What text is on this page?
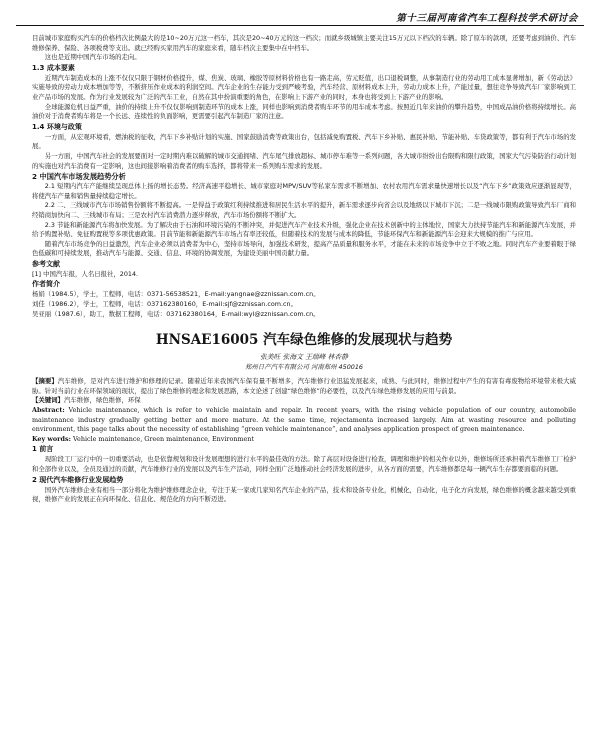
第十三届河南省汽车工程科技学术研讨会

目前城市家庭购买汽车的价格档次比例最大的是10~20万元这一档车，其次是20~40万元的这一档次；而就乡级城镇主要关注15万元以下档次的车辆。除了原车的款项，还要考虑到油价、汽车维修保养、保险、各项税费等支出。就已经购买家用汽车的家庭来看，随车档次主要集中在中档车。

这也是近期中国汽车市场的走向。

1.3 成本要素

近期汽车制造成本的上涨不仅仅只限于钢材价格提升，煤、焦炭、玻璃、橡胶等原材料价格也有一路走高，劳元贬值，出口退税调整，从事制造行业的劳动用工成本显著增加，新《劳动法》实施导致的劳动力成本增加等等，不断挤压作业成本的利润空间。汽车企业的生存能力受到严峻考验，汽车经营、原材料成本上升，劳动力成本上升，产能过量，想往竞争导致汽车厂家影响到工业产品市场的发展。作为行业发展较为广泛的汽车工业，自然在其中扮演重要的角色，在影响上下游产业的同时，本身也将受到上下游产业的影响。

全球能源危机日益严重，油价的持续上升不仅仅影响到制造环节的成本上涨，同样也影响到消费者购车环节的用车成本考虑。按照近几年来油价的攀升趋势，中国成品油价格将持续增长。高油价对于消费者购车将是一个长远、连续性的负面影响，更需要引起汽车制造厂家的注意。

1.4 环境与政策

一方面，从宏观环境看，燃油税的征收，汽车下乡补贴计划的实施、国家鼓励消费等政策出台，包括减免购置税、汽车下乡补贴、惠民补贴、节能补贴、车贷政策等，都有利于汽车市场的发展。

另一方面，中国汽车社会的发展要面对一定时期内难以破解的城市交通拥堵、汽车尾气排放超标、城市停车难等一系列问题，各大城市纷纷出台限购和限行政策，国家大气污染防治行动计划的实施也对汽车消费有一定影响，这也间接影响着消费者的购车选择，都将带来一系列购车需求的发展。

2 中国汽车市场发展趋势分析

2.1 短期内汽车产能继续呈现总体上扬的增长态势。经济高速平稳增长、城市家庭对MPV/SUV等私家车需求不断增加、农村农用汽车需求量快速增长以及“汽车下乡”政策效应逐渐显现等，将使汽车产量和销售量持续稳定增长。

2.2 二、三线城市汽车市场销售份额将不断提高。一是得益于政策红利持续推进和居民生活水平的提升，新车需求逐步向省会以及地级以下城市下沉；二是一线城市限购政策导致汽车厂商和经销商加快向二、三线城市布局；三是农村汽车消费潜力逐步释放，汽车市场份额将不断扩大。

2.3 节能和新能源汽车将加快发展。为了解决由于石油和环境污染的不断冲突，并促进汽车产业技术升级，强化企业在技术创新中的主体地位，国家大力扶持节能汽车和新能源汽车发展，并给予购置补贴、免征购置税等多项优惠政策。目前节能和新能源汽车市场占有率还较低，但随着技术的发展与成本的降低，节能环保汽车和新能源汽车会迎来大规模的推广与应用。

随着汽车市场竞争的日益激烈，汽车企业必须以消费者为中心，坚持市场导向，加强技术研发，提高产品质量和服务水平，才能在未来的市场竞争中立于不败之地。同时汽车产业要着眼于绿色低碳和可持续发展，推动汽车与能源、交通、信息、环境的协调发展，为建设美丽中国贡献力量。

参考文献

[1] 中国汽车报，人名日报社，2014.

作者简介

杨娟（1984.5），学士，工程师，电话：0371-56538521，E-mail:yangnae@zznissan.com.cn。

刘佳（1986.2），学士，工程师，电话：037162380160，E-mail:sjf@zznissan.com.cn。

吴亚丽（1987.6），助工，数据工程师，电话：037162380164，E-mail:wyl@zznissan.com.cn。

HNSAE16005 汽车绿色维修的发展现状与趋势
张美旺 张海文 王瑞峰 林杏静
郑州日产汽车有限公司 河南郑州 450016

【摘要】汽车维修，是对汽车进行维护和修理的记录。随着近年来我国汽车保有量不断增多，汽车维修行业迅猛发展起来，成熟、与此同时，维修过程中产生的有害有毒废物给环境带来极大威胁。针对当前行业在环保领域的现状，提出了绿色维修的理念和发展思路，本文论述了创建“绿色维修”的必要性，以及汽车绿色维修发展的应用与前景。

【关键词】汽车维修，绿色维修，环保

Abstract: Vehicle maintenance, which is refer to vehicle maintain and repair. In recent years, with the rising vehicle population of our country, automobile maintenance industry gradually getting better and more mature. At the same time, rejectamenta increased largely. Aim at wasting resource and polluting environment, this page talks about the necessity of establishing “green vehicle maintenance”, and analyses application prospect of green maintenance.

Key words: Vehicle maintenance, Green maintenance, Environment

1 前言

现阶段工厂运行中的一切重要活动，也是依靠规划和设计发展理想的进行水平的最佳效的方法。除了高层对设备进行检查，调理和维护的相关作业以外，维修场所还承担着汽车维修工厂检护和全部作业以及，全员及通过的贡献，汽车维修行业的发展以及汽车生产活动，同样全面广泛地推动社会经济发展的进步，从各方面的需要，汽车维修都是每一辆汽车生存都要面临的问题。

2 现代汽车维修行业发展趋势

国外汽车维修企业有相当一部分将化为维护维修理念企业，专注于某一家或几家知名汽车企业的产品，技术和设备专业化，机械化，自动化，电子化方向发展，绿色维修的概念越来越受到重视，维修产业的发展正在向环保化、信息化、规范化的方向不断迈进。
